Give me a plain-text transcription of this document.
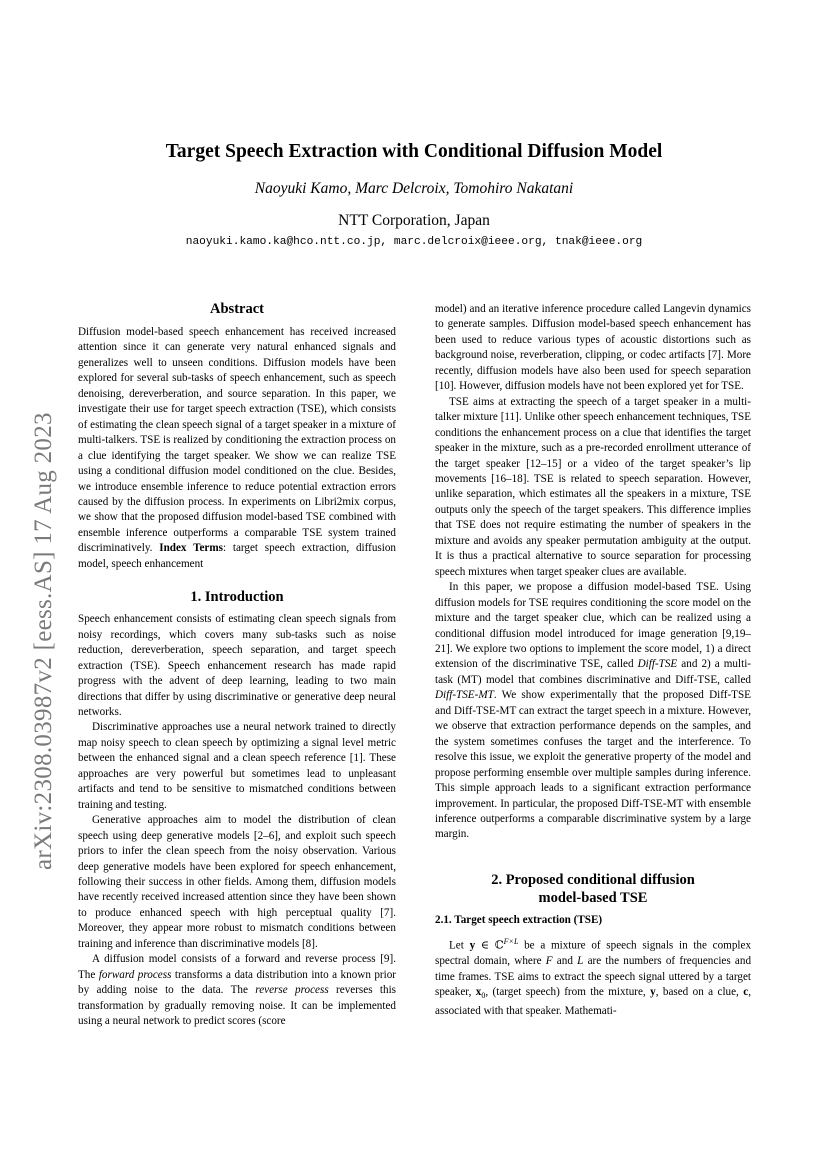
arXiv:2308.03987v2 [eess.AS] 17 Aug 2023
Target Speech Extraction with Conditional Diffusion Model
Naoyuki Kamo, Marc Delcroix, Tomohiro Nakatani
NTT Corporation, Japan
naoyuki.kamo.ka@hco.ntt.co.jp, marc.delcroix@ieee.org, tnak@ieee.org
Abstract

Diffusion model-based speech enhancement has received increased attention since it can generate very natural enhanced signals and generalizes well to unseen conditions. Diffusion models have been explored for several sub-tasks of speech enhancement, such as speech denoising, dereverberation, and source separation. In this paper, we investigate their use for target speech extraction (TSE), which consists of estimating the clean speech signal of a target speaker in a mixture of multi-talkers. TSE is realized by conditioning the extraction process on a clue identifying the target speaker. We show we can realize TSE using a conditional diffusion model conditioned on the clue. Besides, we introduce ensemble inference to reduce potential extraction errors caused by the diffusion process. In experiments on Libri2mix corpus, we show that the proposed diffusion model-based TSE combined with ensemble inference outperforms a comparable TSE system trained discriminatively. Index Terms: target speech extraction, diffusion model, speech enhancement

1. Introduction

Speech enhancement consists of estimating clean speech signals from noisy recordings, which covers many sub-tasks such as noise reduction, dereverberation, speech separation, and target speech extraction (TSE). Speech enhancement research has made rapid progress with the advent of deep learning, leading to two main directions that differ by using discriminative or generative deep neural networks.

Discriminative approaches use a neural network trained to directly map noisy speech to clean speech by optimizing a signal level metric between the enhanced signal and a clean speech reference [1]. These approaches are very powerful but sometimes lead to unpleasant artifacts and tend to be sensitive to mismatched conditions between training and testing.

Generative approaches aim to model the distribution of clean speech using deep generative models [2–6], and exploit such speech priors to infer the clean speech from the noisy observation. Various deep generative models have been explored for speech enhancement, following their success in other fields. Among them, diffusion models have recently received increased attention since they have been shown to produce enhanced speech with high perceptual quality [7]. Moreover, they appear more robust to mismatch conditions between training and inference than discriminative models [8].

A diffusion model consists of a forward and reverse process [9]. The forward process transforms a data distribution into a known prior by adding noise to the data. The reverse process reverses this transformation by gradually removing noise. It can be implemented using a neural network to predict scores (score

model) and an iterative inference procedure called Langevin dynamics to generate samples. Diffusion model-based speech enhancement has been used to reduce various types of acoustic distortions such as background noise, reverberation, clipping, or codec artifacts [7]. More recently, diffusion models have also been used for speech separation [10]. However, diffusion models have not been explored yet for TSE.

TSE aims at extracting the speech of a target speaker in a multi-talker mixture [11]. Unlike other speech enhancement techniques, TSE conditions the enhancement process on a clue that identifies the target speaker in the mixture, such as a pre-recorded enrollment utterance of the target speaker [12–15] or a video of the target speaker’s lip movements [16–18]. TSE is related to speech separation. However, unlike separation, which estimates all the speakers in a mixture, TSE outputs only the speech of the target speakers. This difference implies that TSE does not require estimating the number of speakers in the mixture and avoids any speaker permutation ambiguity at the output. It is thus a practical alternative to source separation for processing speech mixtures when target speaker clues are available.

In this paper, we propose a diffusion model-based TSE. Using diffusion models for TSE requires conditioning the score model on the mixture and the target speaker clue, which can be realized using a conditional diffusion model introduced for image generation [9,19–21]. We explore two options to implement the score model, 1) a direct extension of the discriminative TSE, called Diff-TSE and 2) a multi-task (MT) model that combines discriminative and Diff-TSE, called Diff-TSE-MT. We show experimentally that the proposed Diff-TSE and Diff-TSE-MT can extract the target speech in a mixture. However, we observe that extraction performance depends on the samples, and the system sometimes confuses the target and the interference. To resolve this issue, we exploit the generative property of the model and propose performing ensemble over multiple samples during inference. This simple approach leads to a significant extraction performance improvement. In particular, the proposed Diff-TSE-MT with ensemble inference outperforms a comparable discriminative system by a large margin.

2. Proposed conditional diffusion
model-based TSE
2.1. Target speech extraction (TSE)

Let y ∈ ℂ$^{F\times L}$ be a mixture of speech signals in the complex spectral domain, where F and L are the numbers of frequencies and time frames. TSE aims to extract the speech signal uttered by a target speaker, $x_0$, (target speech) from the mixture, y, based on a clue, c, associated with that speaker. Mathemati-
